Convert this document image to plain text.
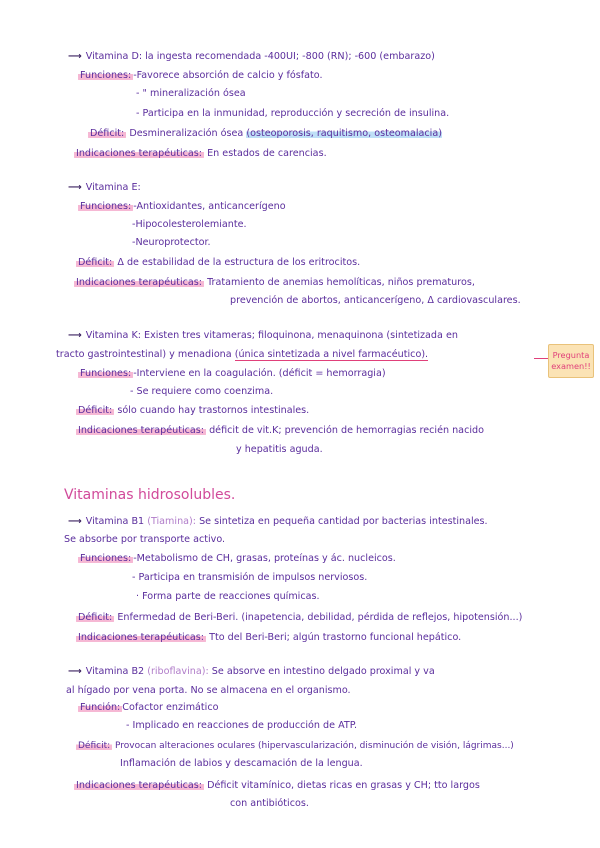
⟶ Vitamina D: la ingesta recomendada -400UI; -800 (RN); -600 (embarazo)
Funciones: -Favorece absorción de calcio y fósfato.
- " mineralización ósea
- Participa en la inmunidad, reproducción y secreción de insulina.
Déficit: Desmineralización ósea (osteoporosis, raquitismo, osteomalacia)
Indicaciones terapéuticas: En estados de carencias.
⟶ Vitamina E:
Funciones: -Antioxidantes, anticancerígeno
-Hipocolesterolemiante.
-Neuroprotector.
Déficit: Δ de estabilidad de la estructura de los eritrocitos.
Indicaciones terapéuticas: Tratamiento de anemias hemolíticas, niños prematuros,
prevención de abortos, anticancerígeno, Δ cardiovasculares.
⟶ Vitamina K: Existen tres vitameras; filoquinona, menaquinona (sintetizada en
tracto gastrointestinal) y menadiona (única sintetizada a nivel farmacéutico).
Funciones: -Interviene en la coagulación. (déficit = hemorragia)
- Se requiere como coenzima.
Déficit: sólo cuando hay trastornos intestinales.
Indicaciones terapéuticas: déficit de vit.K; prevención de hemorragias recién nacido
y hepatitis aguda.
Pregunta examen!!
Vitaminas hidrosolubles.
⟶ Vitamina B1 (Tiamina): Se sintetiza en pequeña cantidad por bacterias intestinales.
Se absorbe por transporte activo.
Funciones: -Metabolismo de CH, grasas, proteínas y ác. nucleicos.
- Participa en transmisión de impulsos nerviosos.
· Forma parte de reacciones químicas.
Déficit: Enfermedad de Beri-Beri. (inapetencia, debilidad, pérdida de reflejos, hipotensión...)
Indicaciones terapéuticas: Tto del Beri-Beri; algún trastorno funcional hepático.
⟶ Vitamina B2 (riboflavina): Se absorve en intestino delgado proximal y va
al hígado por vena porta. No se almacena en el organismo.
Función: Cofactor enzimático
- Implicado en reacciones de producción de ATP.
Déficit: Provocan alteraciones oculares (hipervascularización, disminución de visión, lágrimas...)
Inflamación de labios y descamación de la lengua.
Indicaciones terapéuticas: Déficit vitamínico, dietas ricas en grasas y CH; tto largos
con antibióticos.
